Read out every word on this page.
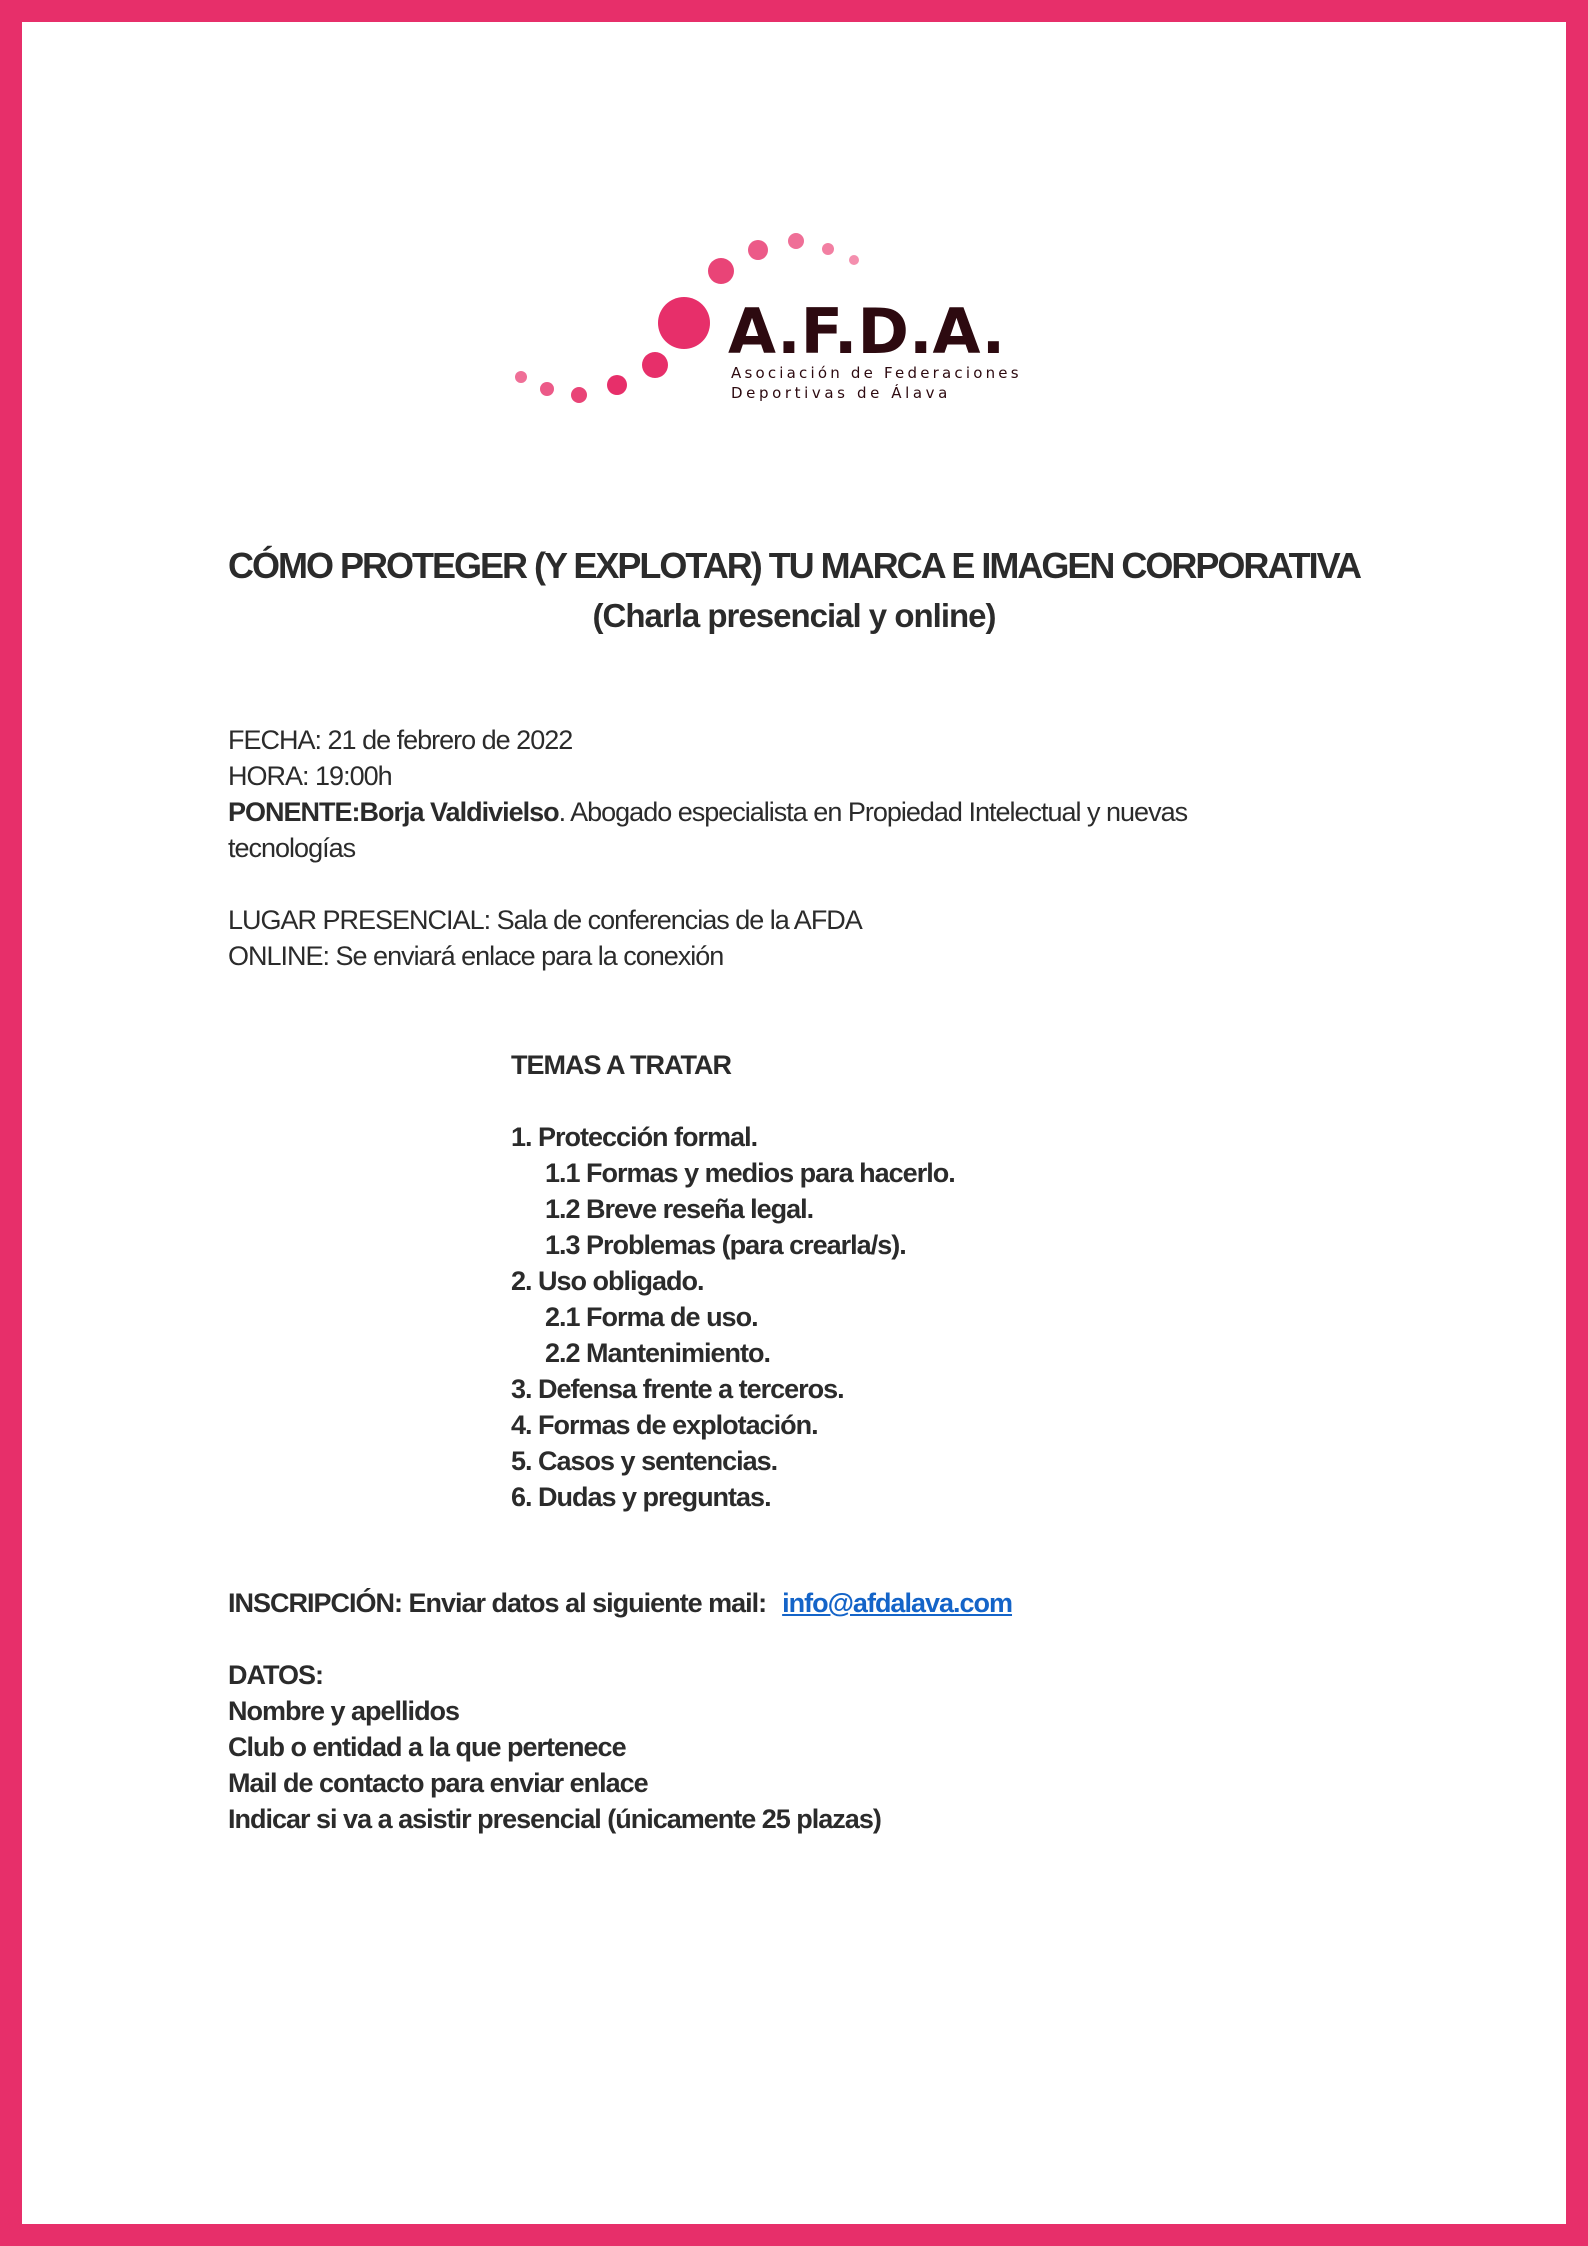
A.F.D.A.
Asociación de Federaciones
Deportivas de Álava
CÓMO PROTEGER (Y EXPLOTAR) TU MARCA E IMAGEN CORPORATIVA
(Charla presencial y online)
FECHA: 21 de febrero de 2022
HORA: 19:00h
PONENTE:Borja Valdivielso. Abogado especialista en Propiedad Intelectual y nuevas
tecnologías
LUGAR PRESENCIAL: Sala de conferencias de la AFDA
ONLINE: Se enviará enlace para la conexión
TEMAS A TRATAR
1. Protección formal.
1.1 Formas y medios para hacerlo.
1.2 Breve reseña legal.
1.3 Problemas (para crearla/s).
2. Uso obligado.
2.1 Forma de uso.
2.2 Mantenimiento.
3. Defensa frente a terceros.
4. Formas de explotación.
5. Casos y sentencias.
6. Dudas y preguntas.
INSCRIPCIÓN: Enviar datos al siguiente mail: info@afdalava.com
DATOS:
Nombre y apellidos
Club o entidad a la que pertenece
Mail de contacto para enviar enlace
Indicar si va a asistir presencial (únicamente 25 plazas)
